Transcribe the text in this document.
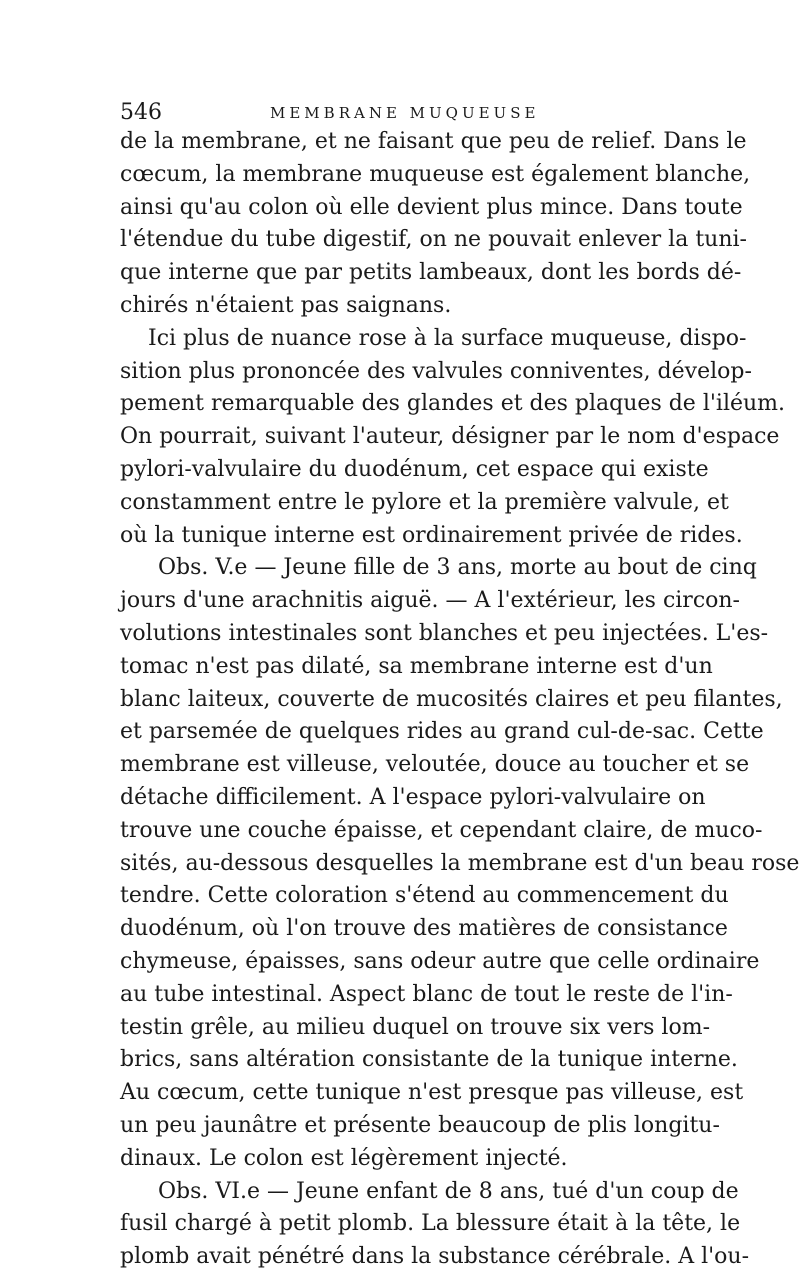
546	MEMBRANE MUQUEUSE
de la membrane, et ne faisant que peu de relief. Dans le
cœcum, la membrane muqueuse est également blanche,
ainsi qu'au colon où elle devient plus mince. Dans toute
l'étendue du tube digestif, on ne pouvait enlever la tuni-
que interne que par petits lambeaux, dont les bords dé-
chirés n'étaient pas saignans.
Ici plus de nuance rose à la surface muqueuse, dispo-
sition plus prononcée des valvules conniventes, dévelop-
pement remarquable des glandes et des plaques de l'iléum.
On pourrait, suivant l'auteur, désigner par le nom d'espace
pylori-valvulaire du duodénum, cet espace qui existe
constamment entre le pylore et la première valvule, et
où la tunique interne est ordinairement privée de rides.
Obs. V.e — Jeune fille de 3 ans, morte au bout de cinq
jours d'une arachnitis aiguë. — A l'extérieur, les circon-
volutions intestinales sont blanches et peu injectées. L'es-
tomac n'est pas dilaté, sa membrane interne est d'un
blanc laiteux, couverte de mucosités claires et peu filantes,
et parsemée de quelques rides au grand cul-de-sac. Cette
membrane est villeuse, veloutée, douce au toucher et se
détache difficilement. A l'espace pylori-valvulaire on
trouve une couche épaisse, et cependant claire, de muco-
sités, au-dessous desquelles la membrane est d'un beau rose
tendre. Cette coloration s'étend au commencement du
duodénum, où l'on trouve des matières de consistance
chymeuse, épaisses, sans odeur autre que celle ordinaire
au tube intestinal. Aspect blanc de tout le reste de l'in-
testin grêle, au milieu duquel on trouve six vers lom-
brics, sans altération consistante de la tunique interne.
Au cœcum, cette tunique n'est presque pas villeuse, est
un peu jaunâtre et présente beaucoup de plis longitu-
dinaux. Le colon est légèrement injecté.
Obs. VI.e — Jeune enfant de 8 ans, tué d'un coup de
fusil chargé à petit plomb. La blessure était à la tête, le
plomb avait pénétré dans la substance cérébrale. A l'ou-
